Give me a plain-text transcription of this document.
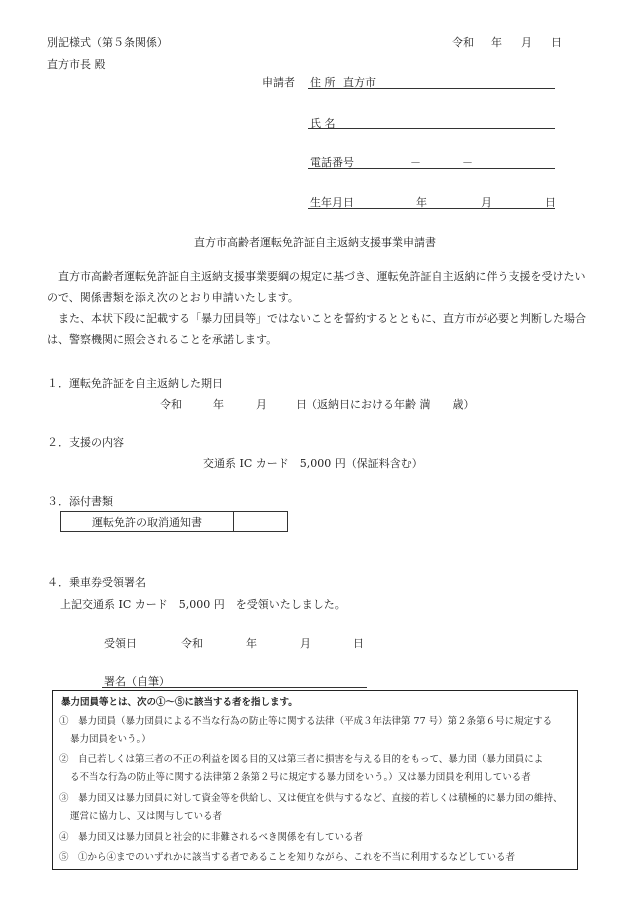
別記様式（第５条関係）	令和 年 月 日
直方市長 殿
申請者 住 所 直方市
氏 名
電話番号	－	－
生年月日	年	月	日
直方市高齢者運転免許証自主返納支援事業申請書
直方市高齢者運転免許証自主返納支援事業要綱の規定に基づき、運転免許証自主返納に伴う支援を受けたいので、関係書類を添え次のとおり申請いたします。
また、本状下段に記載する「暴力団員等」ではないことを誓約するとともに、直方市が必要と判断した場合は、警察機関に照会されることを承諾します。
１．運転免許証を自主返納した期日
令和	年	月	日 （返納日における年齢 満　　歳）
２．支援の内容
交通系 IC カード　5,000 円（保証料含む）
３．添付書類
運転免許の取消通知書	
４．乗車券受領署名
上記交通系 IC カード　5,000 円　を受領いたしました。
受領日	令和	年	月	日
署名（自筆）
暴力団員等とは、次の①～⑤に該当する者を指します。
①　暴力団員（暴力団員による不当な行為の防止等に関する法律（平成３年法律第 77 号）第２条第６号に規定する
暴力団員をいう。）
②　自己若しくは第三者の不正の利益を図る目的又は第三者に損害を与える目的をもって、暴力団（暴力団員によ
る不当な行為の防止等に関する法律第２条第２号に規定する暴力団をいう。）又は暴力団員を利用している者
③　暴力団又は暴力団員に対して資金等を供給し、又は便宜を供与するなど、直接的若しくは積極的に暴力団の維持、
運営に協力し、又は関与している者
④　暴力団又は暴力団員と社会的に非難されるべき関係を有している者
⑤　①から④までのいずれかに該当する者であることを知りながら、これを不当に利用するなどしている者
